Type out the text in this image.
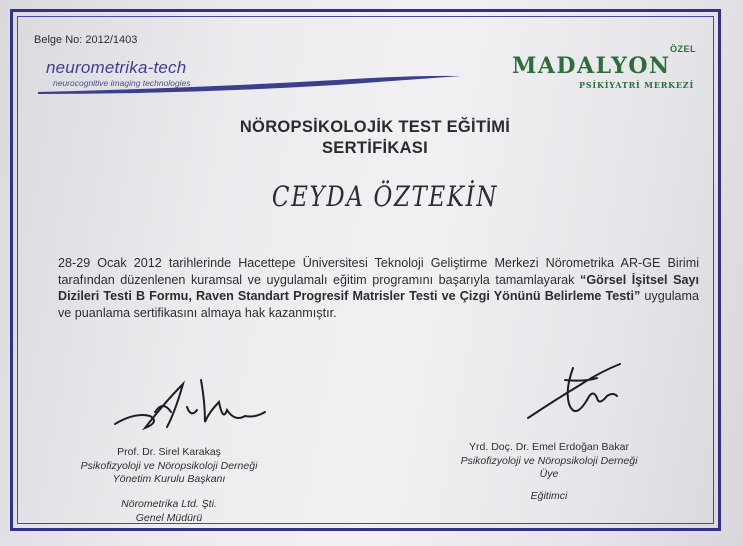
Belge No: 2012/1403
neurometrika-tech
neurocognitive imaging technologies
ÖZEL
MADALYON
PSİKİYATRİ MERKEZİ
NÖROPSİKOLOJİK TEST EĞİTİMİ
SERTİFİKASI
CEYDA ÖZTEKİN
28-29 Ocak 2012 tarihlerinde Hacettepe Üniversitesi Teknoloji Geliştirme Merkezi Nörometrika AR-GE Birimi tarafından düzenlenen kuramsal ve uygulamalı eğitim programını başarıyla tamamlayarak “Görsel İşitsel Sayı Dizileri Testi B Formu, Raven Standart Progresif Matrisler Testi ve Çizgi Yönünü Belirleme Testi” uygulama ve puanlama sertifikasını almaya hak kazanmıştır.
Prof. Dr. Sirel Karakaş
Psikofizyoloji ve Nöropsikoloji Derneği
Yönetim Kurulu Başkanı
Nörometrika Ltd. Şti.
Genel Müdürü
Yrd. Doç. Dr. Emel Erdoğan Bakar
Psikofizyoloji ve Nöropsikoloji Derneği
Üye
Eğitimci
